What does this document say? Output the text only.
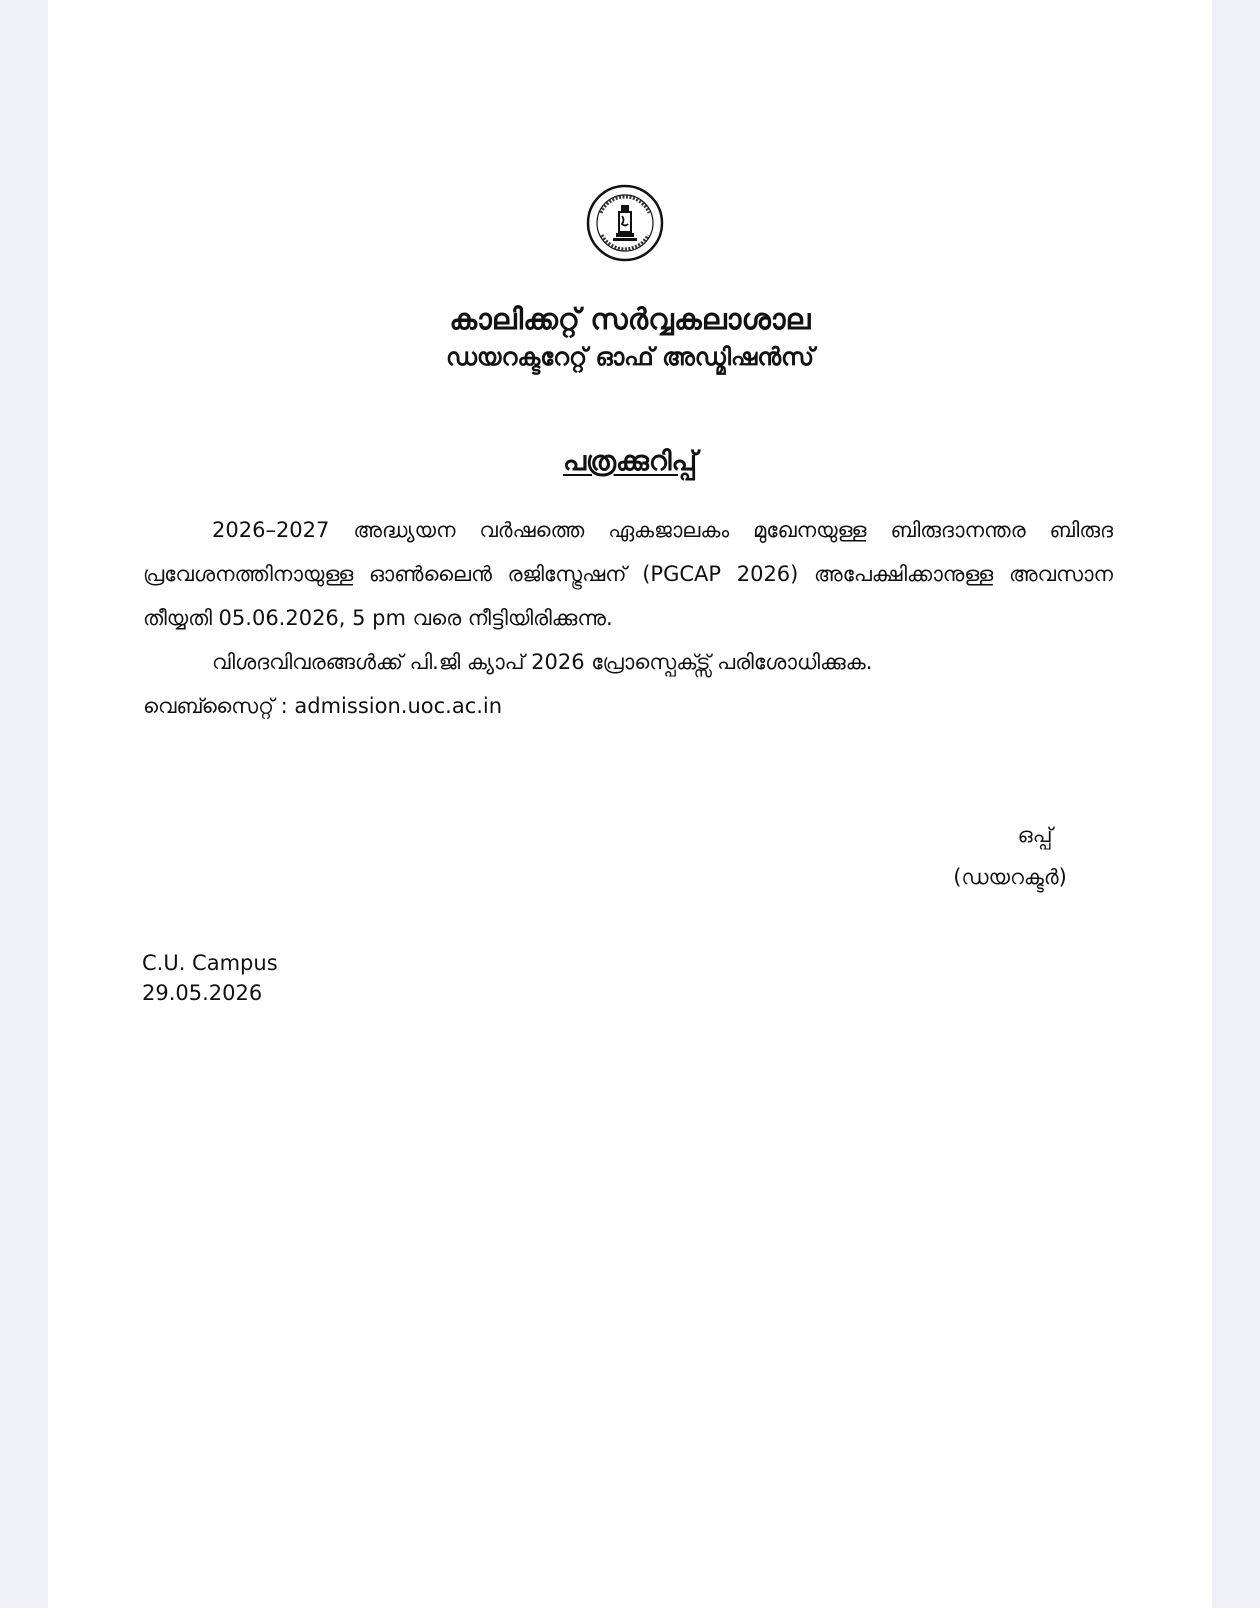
കാലിക്കറ്റ് സർവ്വകലാശാല
ഡയറക്ടറേറ്റ് ഓഫ് അഡ്മിഷൻസ്
പത്രക്കുറിപ്പ്

2026–2027 അദ്ധ്യയന വർഷത്തെ ഏകജാലകം മുഖേനയുള്ള ബിരുദാനന്തര ബിരുദ പ്രവേശനത്തിനായുള്ള ഓൺലൈൻ രജിസ്ട്രേഷന് (PGCAP 2026) അപേക്ഷിക്കാനുള്ള അവസാന തീയ്യതി 05.06.2026, 5 pm വരെ നീട്ടിയിരിക്കുന്നു.

വിശദവിവരങ്ങൾക്ക് പി.ജി ക്യാപ് 2026 പ്രോസ്പെക്ട്സ് പരിശോധിക്കുക.

വെബ്സൈറ്റ് : admission.uoc.ac.in
ഒപ്പ്
(ഡയറക്ടർ)
C.U. Campus
29.05.2026
